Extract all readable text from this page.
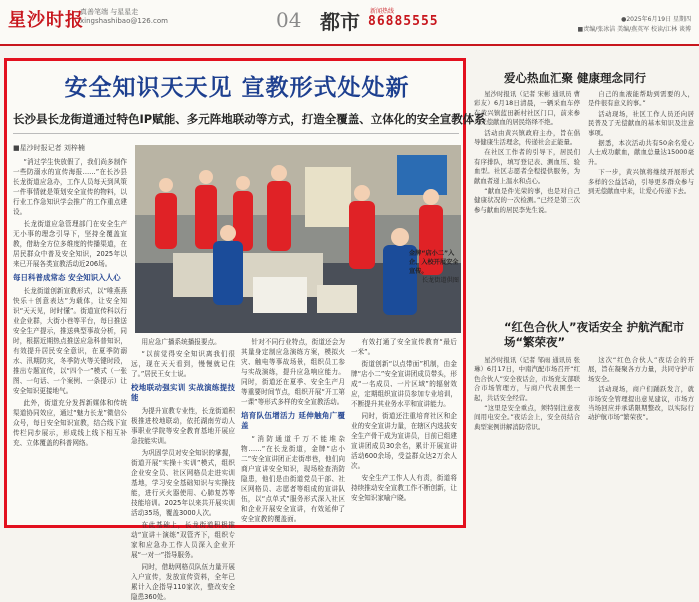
星沙时报
真善笔端 与星星走
xingshashibao@126.com	04 都市 新闻热线
86885555	●2025年6月19日 星期四
■责编/张冰洁 美编/燕英军 校读/江林 谈博
安全知识天天见 宣教形式处处新
长沙县长龙街道通过特色IP赋能、多元阵地联动等方式，打造全覆盖、立体化的安全宣教体系
■星沙时报记者 刘梓楠

“消过学生快放假了，我们尚多制作一些防溺水的宣传海报……”在长沙县长龙街道应急办，工作人员每天到风策一件事情就是策划安全宣传的物料，以行业工作急知识学会推广的工作重点建设。

长龙街道应急管理部门在安全生产无小事的理念引导下，坚持全覆盖宣教，借助全方位多维度的传播渠道，在居民群众中普及安全知识，2025年以来已开展各类宣教活动近206场。

每日科普成常态 安全知识入人心

长龙街道创新宣教形式，以“唯燕燕快乐＋创意表达”为载体，让安全知识“天天见，时时懂”。街道宣传科以行业企业群，大街小巷等平台，每日推送安全生产提示，推送典型事故分析，同时，根据近期热点推送应急科普知识，有效提升居民安全意识，在夏季防溺水、汛期防灾，冬季防火等关键时段，推出专题宣传，以“四个一”模式（一张图、一句话、一个案例、一条提示）让安全知识更接地气。

此外，街道充分发挥新媒体和传统渠道协同效应，通过“魅力长龙”微信公众号，每日安全知识宣教，结合线下宣传栏同步展示，形成线上线下相互补充、立体覆盖的科普网络。

金牌“店小二”入企、入校开展安全宣传。
长龙街道供图

用应急广播系统播报要点。

“以前觉得安全知识离我们很远，现在天天看到，慢慢就记住了。”居民王女士说。

校地联动强实训 实战演练提技能

为提升宣教专业性，长龙街道积极推进校地联动，依托湖南劳动人事职业学院等安全教育基地开展应急技能实训。

为巩固学员对安全知识的掌握，街道开展“实操＋实训”模式，组织企业安全员、社区网格员走进实训基地，学习安全基础知识与实操技能，进行灭火器使用、心肺复苏等技能培训。2025年以来共开展实训活动35场，覆盖3000人次。

在此基础上，长龙街道积极推动“宣讲＋演练”双管齐下，组织专家和应急办工作人员深入企业开展“一对一”指导服务。

同时，借助网格员队伍力量开展入户宣传，发放宣传资料，全年已累计入企指导110家次，整改安全隐患360处。

针对不同行业特点，街道还会为其量身定制应急演练方案，模拟火灾、触电等事故场景，组织员工参与实战演练，提升应急响应能力。同时，街道还在夏季、安全生产月等重要时间节点，组织开展“开工第一课”等形式多样的安全宣教活动。

培育队伍增活力 延伸触角广覆盖

“消防通道千万不能堆杂物……”在长龙街道，金牌“店小二”安全宣讲团正走街串巷，他们向商户宣讲安全知识，现场检查消防隐患，他们是由街道党员干部、社区网格员、志愿者等组成的宣讲队伍，以“点单式”服务形式深入社区和企业开展安全宣讲，有效延伸了安全宣教的覆盖面。

有效打通了安全宣传教育“最后一米”。

街道创新“以点带面”机制，由金牌“店小二”安全宣讲团成员带头，形成“一名成员、一片区域”的辐射效应，定期组织宣讲员参加专业培训，不断提升其业务水平和宣讲能力。

同时，街道还注重培育社区和企业的安全宣讲力量，在辖区内选拔安全生产骨干成为宣讲员，目前已组建宣讲团成员30余名，累计开展宣讲活动600余场，受益群众达2万余人次。

安全生产工作人人有责，街道将持续推动安全宣教工作不断创新，让安全知识家喻户晓。

爱心热血汇聚 健康理念同行

星沙时报讯（记者 宋彬 通讯员 曹彩友）6月18日清晨，一辆采血车停在黄兴镇蓝田新村社区门口，前来参与无偿献血的居民络绎不绝。

活动由黄兴镇政府主办，旨在倡导健康生活理念，传递社会正能量。

在社区工作者的引导下，居民们有序排队，填写登记表、测血压、验血型。社区志愿者全程提供服务，为献血者递上温水和点心。

“献血是件光荣的事，也是对自己健康状况的一次检测。”已经是第三次参与献血的居民李先生说。

自己的血液能帮助到需要的人，是件很有意义的事。”

活动现场，社区工作人员还向居民普及了无偿献血的基本知识及注意事项。

据悉，本次活动共有50余名爱心人士成功献血，献血总量达15000毫升。

下一步，黄兴镇将继续开展形式多样的公益活动，引导更多群众参与到无偿献血中来，让爱心传递下去。

“红色合伙人”夜话安全 护航汽配市场“繁荣夜”

星沙时报讯（记者 邹雨 通讯员 张琳）6月17日，中南汽配市场召开“红色合伙人”安全夜话会，市场党支部联合市场管理方，与商户代表围坐一起，共话安全经营。

“这里是安全重点，须特别注意夜间用电安全。”夜话会上，安全员结合典型案例讲解消防常识。

这次“红色合伙人”夜话会的开展，旨在凝聚各方力量，共同守护市场安全。

活动现场，商户们踊跃发言，就市场安全管理提出意见建议，市场方当场回应并承诺限期整改，以实际行动护航市场“繁荣夜”。
